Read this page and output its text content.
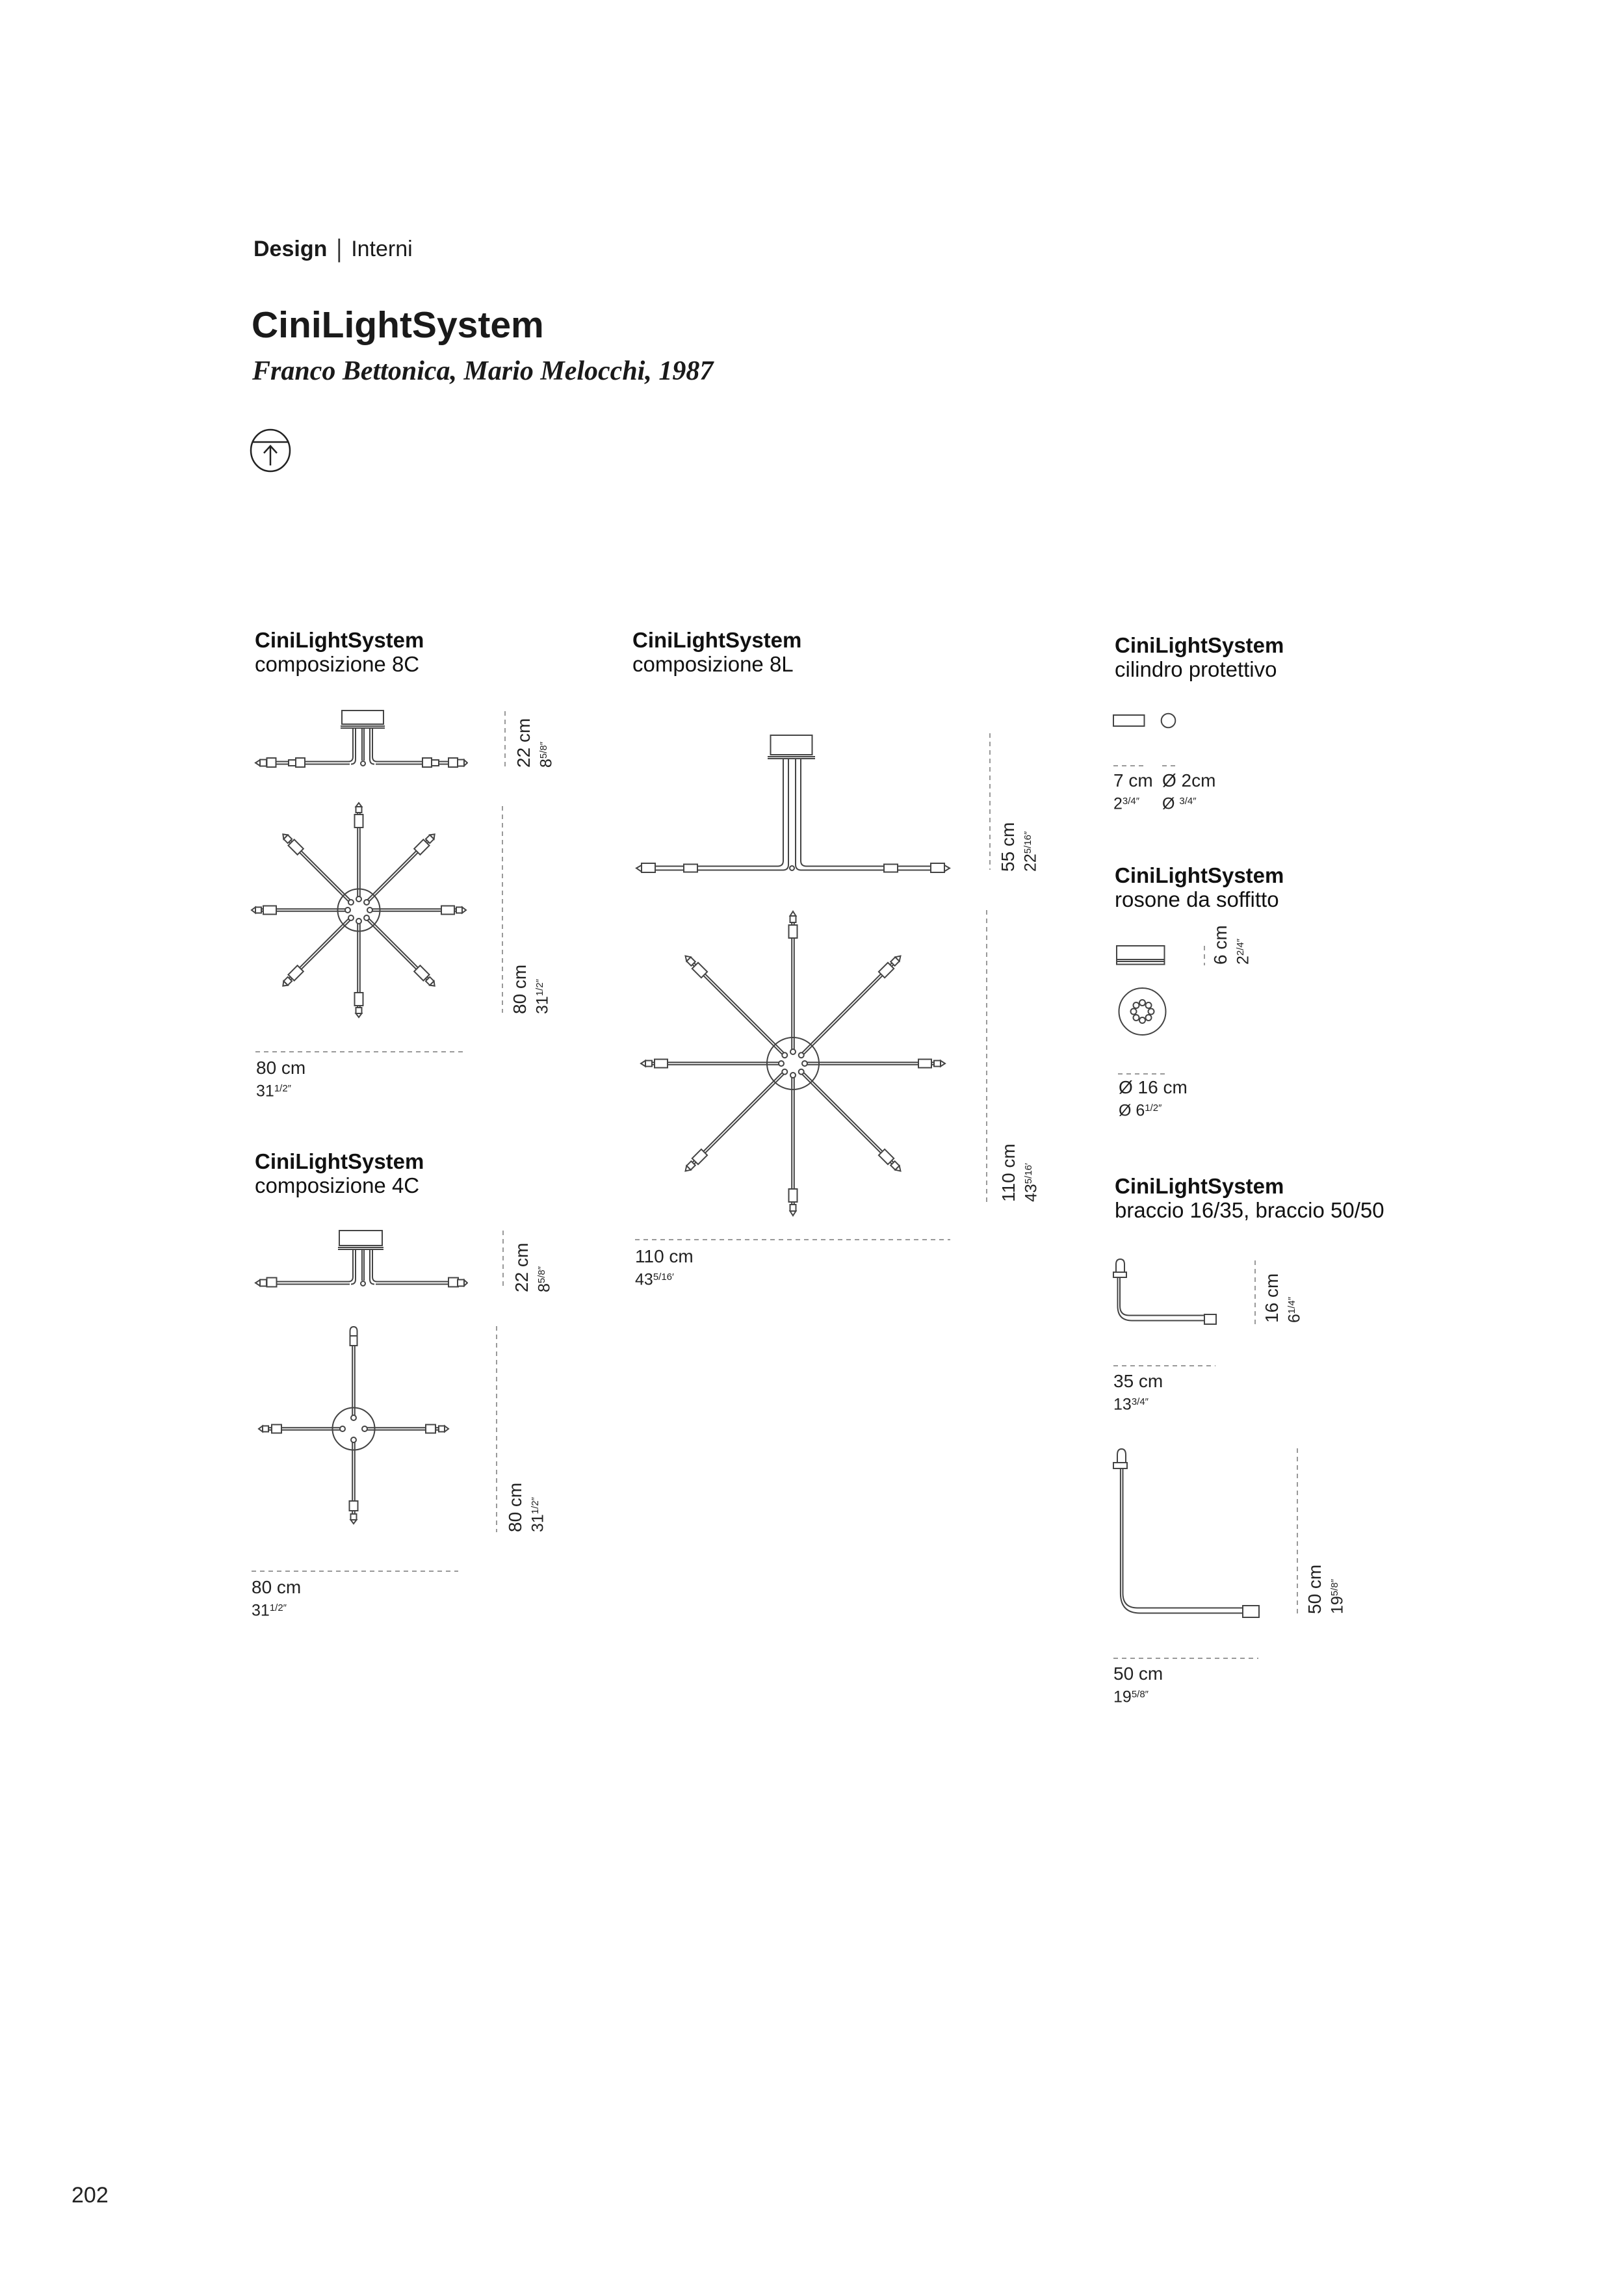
Design | Interni
CiniLightSystem
Franco Bettonica, Mario Melocchi, 1987
CiniLightSystem
composizione 8C
CiniLightSystem
composizione 8L
CiniLightSystem
cilindro protettivo
CiniLightSystem
rosone da soffitto
CiniLightSystem
composizione 4C	CiniLightSystem
braccio 16/35, braccio 50/50
22 cm $8^{5/8''}$
80 cm $31^{1/2''}$
80 cm
$31^{1/2''}$
22 cm $8^{5/8''}$
80 cm $31^{1/2''}$
80 cm
$31^{1/2''}$
55 cm $22^{5/16''}$
110 cm $43^{5/16'}$
110 cm
$43^{5/16'}$
7 cm
$2^{3/4''}$
Ø 2cm
Ø $^{3/4''}$
6 cm $2^{2/4''}$
Ø 16 cm
Ø $6^{1/2''}$
16 cm $6^{1/4''}$
35 cm
$13^{3/4''}$
50 cm $19^{5/8''}$
50 cm
$19^{5/8''}$
202
